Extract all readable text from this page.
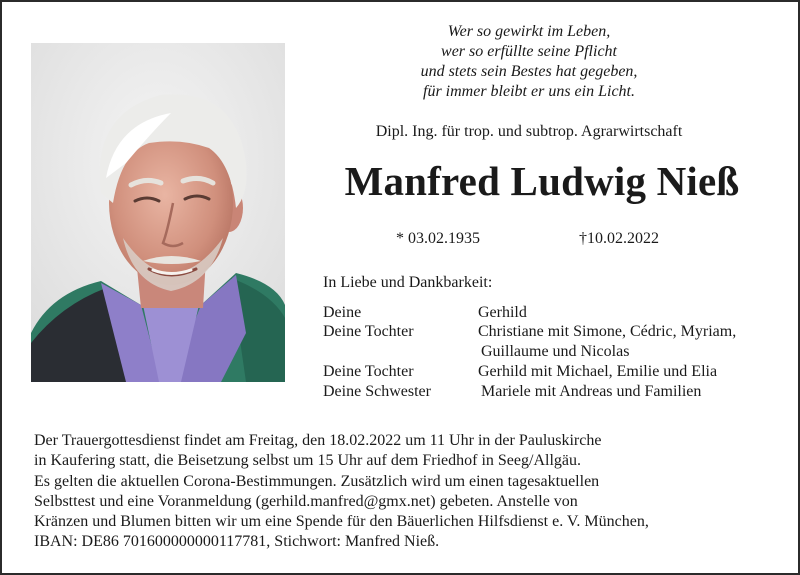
Wer so gewirkt im Leben,
wer so erfüllte seine Pflicht
und stets sein Bestes hat gegeben,
für immer bleibt er uns ein Licht.
Dipl. Ing. für trop. und subtrop. Agrarwirtschaft
Manfred Ludwig Nieß
* 03.02.1935	†10.02.2022
In Liebe und Dankbarkeit:
Deine	Gerhild
Deine Tochter	Christiane mit Simone, Cédric, Myriam,
Guillaume und Nicolas
Deine Tochter	Gerhild mit Michael, Emilie und Elia
Deine Schwester	Mariele mit Andreas und Familien
Der Trauergottesdienst findet am Freitag, den 18.02.2022 um 11 Uhr in der Pauluskirche
in Kaufering statt, die Beisetzung selbst um 15 Uhr auf dem Friedhof in Seeg/Allgäu.
Es gelten die aktuellen Corona-Bestimmungen. Zusätzlich wird um einen tagesaktuellen
Selbsttest und eine Voranmeldung (gerhild.manfred@gmx.net) gebeten. Anstelle von
Kränzen und Blumen bitten wir um eine Spende für den Bäuerlichen Hilfsdienst e. V. München,
IBAN: DE86 701600000000117781, Stichwort: Manfred Nieß.
